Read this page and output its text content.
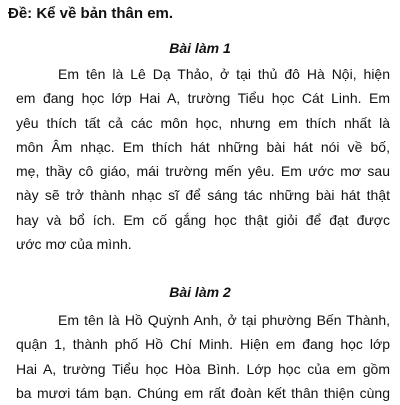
Đề: Kể về bản thân em.
Bài làm 1
Em tên là Lê Dạ Thảo, ở tại thủ đô Hà Nội, hiện
em đang học lớp Hai A, trường Tiểu học Cát Linh. Em
yêu thích tất cả các môn học, nhưng em thích nhất là
môn Âm nhạc. Em thích hát những bài hát nói về bố,
mẹ, thầy cô giáo, mái trường mến yêu. Em ước mơ sau
này sẽ trở thành nhạc sĩ để sáng tác những bài hát thật
hay và bổ ích. Em cố gắng học thật giỏi để đạt được
ước mơ của mình.
Bài làm 2
Em tên là Hồ Quỳnh Anh, ở tại phường Bến Thành,
quận 1, thành phố Hồ Chí Minh. Hiện em đang học lớp
Hai A, trường Tiểu học Hòa Bình. Lớp học của em gồm
ba mươi tám bạn. Chúng em rất đoàn kết thân thiện cùng
